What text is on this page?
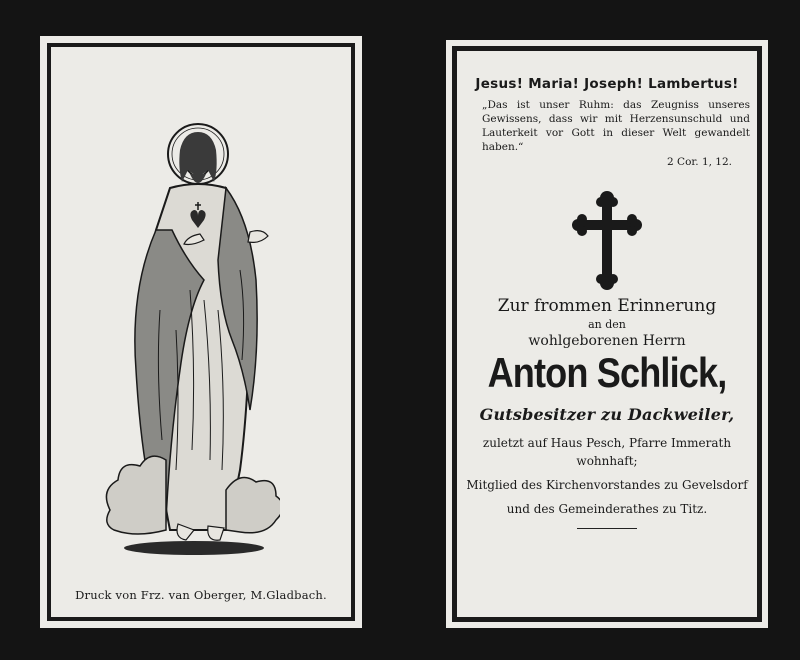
Druck von Frz. van Oberger, M.Gladbach.
Jesus! Maria! Joseph! Lambertus!
„Das ist unser Ruhm: das Zeugniss unseres Gewissens, dass wir mit Herzensunschuld und Lauterkeit vor Gott in dieser Welt gewandelt haben.“
2 Cor. 1, 12.
Zur frommen Erinnerung
an den
wohlgeborenen Herrn
Anton Schlick,
Gutsbesitzer zu Dackweiler,
zuletzt auf Haus Pesch, Pfarre Immerath wohnhaft;
Mitglied des Kirchenvorstandes zu Gevelsdorf
und des Gemeinderathes zu Titz.
